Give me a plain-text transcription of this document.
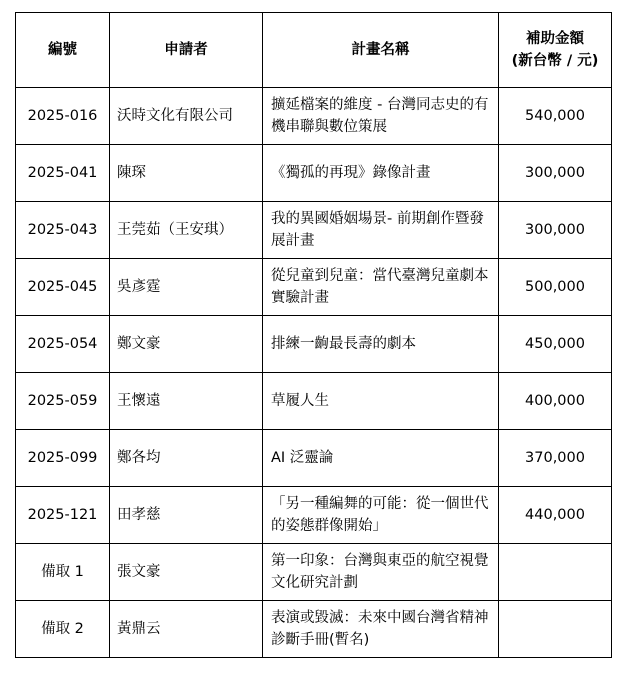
編號	申請者	計畫名稱	補助金額
(新台幣 / 元)

2025-016	沃時文化有限公司	擴延檔案的維度 - 台灣同志史的有機串聯與數位策展	540,000
2025-041	陳琛	《獨孤的再現》錄像計畫	300,000
2025-043	王莞茹（王安琪）	我的異國婚姻場景- 前期創作暨發展計畫	300,000
2025-045	吳彥霆	從兒童到兒童：當代臺灣兒童劇本實驗計畫	500,000
2025-054	鄭文豪	排練一齣最長壽的劇本	450,000
2025-059	王懷遠	草履人生	400,000
2025-099	鄭各均	AI 泛靈論	370,000
2025-121	田孝慈	「另一種編舞的可能：從一個世代的姿態群像開始」	440,000
備取 1	張文豪	第一印象：台灣與東亞的航空視覺文化研究計劃	
備取 2	黃鼎云	表演或毀滅：未來中國台灣省精神診斷手冊(暫名)	
